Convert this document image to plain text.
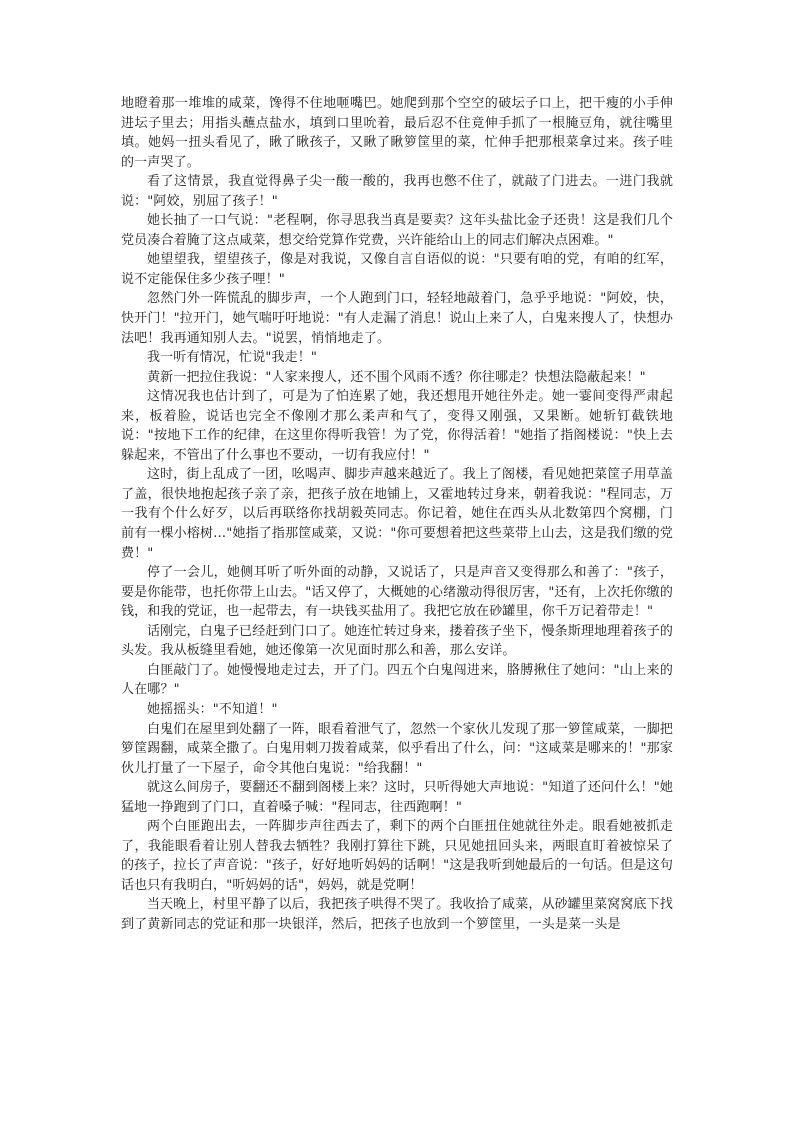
地瞪着那一堆堆的咸菜，馋得不住地咂嘴巴。她爬到那个空空的破坛子口上，把干瘦的小手伸进坛子里去；用指头蘸点盐水，填到口里吮着，最后忍不住竟伸手抓了一根腌豆角，就往嘴里填。她妈一扭头看见了，瞅了瞅孩子，又瞅了瞅箩筐里的菜，忙伸手把那根菜拿过来。孩子哇的一声哭了。

看了这情景，我直觉得鼻子尖一酸一酸的，我再也憋不住了，就敲了门进去。一进门我就说："阿姣，别屈了孩子！"

她长抽了一口气说："老程啊，你寻思我当真是要卖？这年头盐比金子还贵！这是我们几个党员凑合着腌了这点咸菜，想交给党算作党费，兴许能给山上的同志们解决点困难。"

她望望我，望望孩子，像是对我说，又像自言自语似的说："只要有咱的党，有咱的红军，说不定能保住多少孩子哩！"

忽然门外一阵慌乱的脚步声，一个人跑到门口，轻轻地敲着门，急乎乎地说："阿姣，快，快开门！"拉开门，她气喘吁吁地说："有人走漏了消息！说山上来了人，白鬼来搜人了，快想办法吧！我再通知别人去。"说罢，悄悄地走了。

我一听有情况，忙说"我走！"

黄新一把拉住我说："人家来搜人，还不围个风雨不透？你往哪走？快想法隐蔽起来！"

这情况我也估计到了，可是为了怕连累了她，我还想甩开她往外走。她一霎间变得严肃起来，板着脸，说话也完全不像刚才那么柔声和气了，变得又刚强，又果断。她斩钉截铁地说："按地下工作的纪律，在这里你得听我管！为了党，你得活着！"她指了指阁楼说："快上去躲起来，不管出了什么事也不要动，一切有我应付！"

这时，街上乱成了一团，吆喝声、脚步声越来越近了。我上了阁楼，看见她把菜筐子用草盖了盖，很快地抱起孩子亲了亲，把孩子放在地铺上，又霍地转过身来，朝着我说："程同志，万一我有个什么好歹，以后再联络你找胡毅英同志。你记着，她住在西头从北数第四个窝棚，门前有一棵小榕树…"她指了指那筐咸菜，又说："你可要想着把这些菜带上山去，这是我们缴的党费！"

停了一会儿，她侧耳听了听外面的动静，又说话了，只是声音又变得那么和善了："孩子，要是你能带，也托你带上山去。"话又停了，大概她的心绪激动得很厉害，"还有，上次托你缴的钱，和我的党证，也一起带去，有一块钱买盐用了。我把它放在砂罐里，你千万记着带走！"

话刚完，白鬼子已经赶到门口了。她连忙转过身来，搂着孩子坐下，慢条斯理地理着孩子的头发。我从板缝里看她，她还像第一次见面时那么和善，那么安详。

白匪敲门了。她慢慢地走过去，开了门。四五个白鬼闯进来，胳膊揪住了她问："山上来的人在哪？"

她摇摇头："不知道！"

白鬼们在屋里到处翻了一阵，眼看着泄气了，忽然一个家伙儿发现了那一箩筐咸菜，一脚把箩筐踢翻，咸菜全撒了。白鬼用刺刀拨着咸菜，似乎看出了什么，问："这咸菜是哪来的！"那家伙儿打量了一下屋子，命令其他白鬼说："给我翻！"

就这么间房子，要翻还不翻到阁楼上来？这时，只听得她大声地说："知道了还问什么！"她猛地一挣跑到了门口，直着嗓子喊："程同志，往西跑啊！"

两个白匪跑出去，一阵脚步声往西去了，剩下的两个白匪扭住她就往外走。眼看她被抓走了，我能眼看着让别人替我去牺牲？我刚打算往下跳，只见她扭回头来，两眼直盯着被惊呆了的孩子，拉长了声音说："孩子，好好地听妈妈的话啊！"这是我听到她最后的一句话。但是这句话也只有我明白，"听妈妈的话"，妈妈，就是党啊！

当天晚上，村里平静了以后，我把孩子哄得不哭了。我收拾了咸菜，从砂罐里菜窝窝底下找到了黄新同志的党证和那一块银洋，然后，把孩子也放到一个箩筐里，一头是菜一头是
